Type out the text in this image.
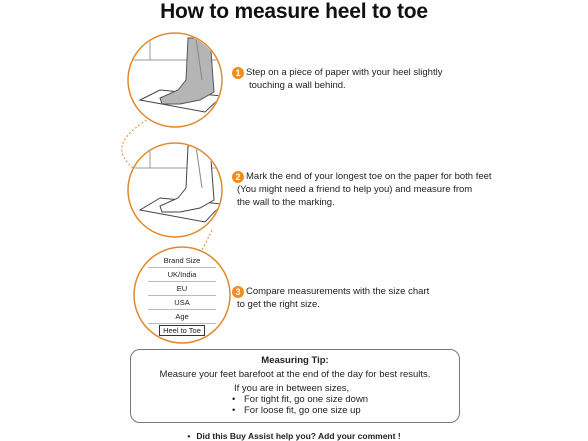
How to measure heel to toe
Brand Size
UK/India
EU
USA
Age
Heel to Toe
1 Step on a piece of paper with your heel slightly
touching a wall behind.
2 Mark the end of your longest toe on the paper for both feet
(You might need a friend to help you) and measure from
the wall to the marking.
3 Compare measurements with the size chart
to get the right size.
Measuring Tip:
Measure your feet barefoot at the end of the day for best results.
If you are in between sizes,
• For tight fit, go one size down
• For loose fit, go one size up
• Did this Buy Assist help you? Add your comment !
